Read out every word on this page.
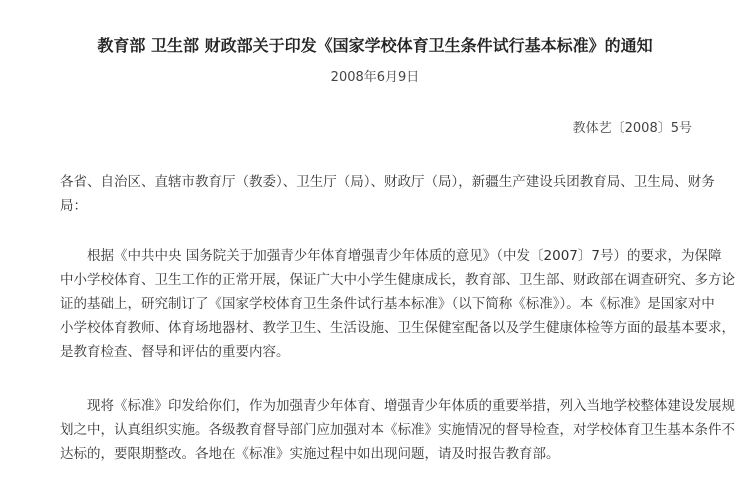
教育部 卫生部 财政部关于印发《国家学校体育卫生条件试行基本标准》的通知
2008年6月9日
教体艺〔2008〕5号
各省、自治区、直辖市教育厅（教委）、卫生厅（局）、财政厅（局），新疆生产建设兵团教育局、卫生局、财务
局：
根据《中共中央 国务院关于加强青少年体育增强青少年体质的意见》（中发〔2007〕7号）的要求，为保障
中小学校体育、卫生工作的正常开展，保证广大中小学生健康成长，教育部、卫生部、财政部在调查研究、多方论
证的基础上，研究制订了《国家学校体育卫生条件试行基本标准》（以下简称《标准》）。本《标准》是国家对中
小学校体育教师、体育场地器材、教学卫生、生活设施、卫生保健室配备以及学生健康体检等方面的最基本要求，
是教育检查、督导和评估的重要内容。
现将《标准》印发给你们，作为加强青少年体育、增强青少年体质的重要举措，列入当地学校整体建设发展规
划之中，认真组织实施。各级教育督导部门应加强对本《标准》实施情况的督导检查，对学校体育卫生基本条件不
达标的，要限期整改。各地在《标准》实施过程中如出现问题，请及时报告教育部。
